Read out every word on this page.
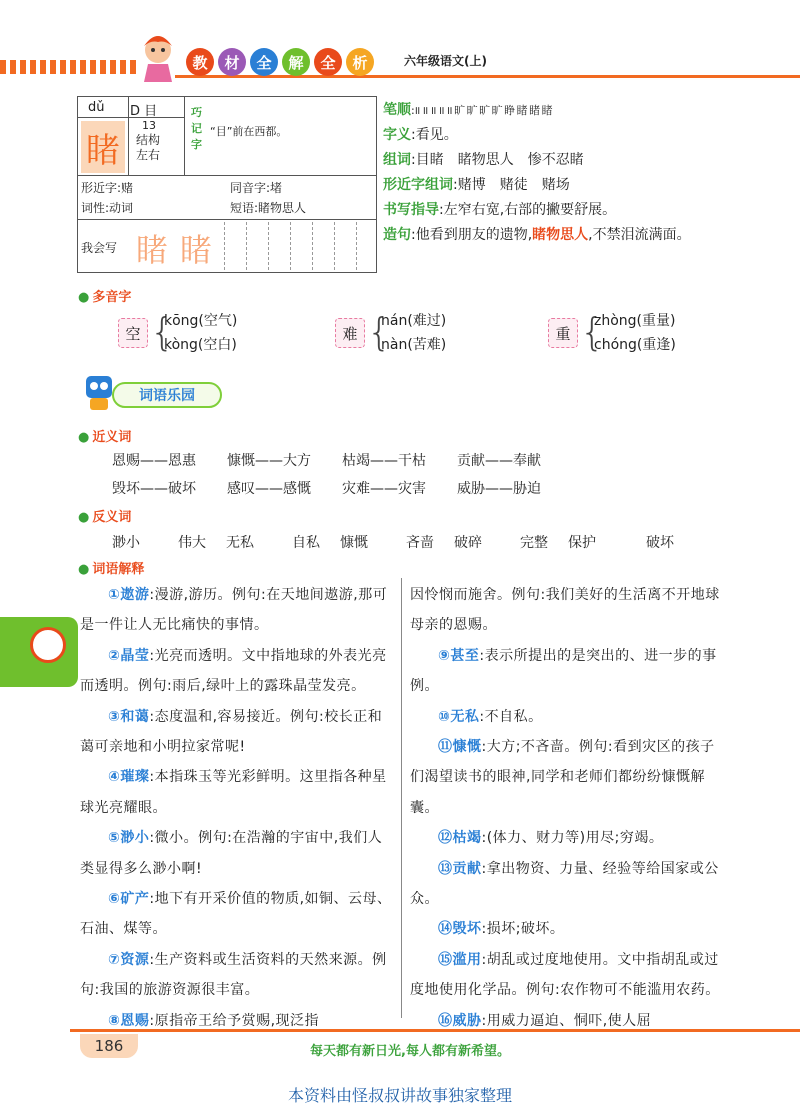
教	材	全	解	全	析	六年级语文(上)
dǔ D 目
睹
13
结构
左右
巧记字
“目”前在西都。
形近字:赌	同音字:堵
词性:动词	短语:睹物思人
我会写 睹 睹
笔顺:॥ ॥ ॥ ॥ ॥ 旷 旷 旷 旷 睁 睹 睹 睹
字义:看见。
组词:目睹　睹物思人　惨不忍睹
形近字组词:赌博　赌徒　赌场
书写指导:左窄右宽,右部的撇要舒展。
造句:他看到朋友的遗物,睹物思人,不禁泪流满面。
● 多音字
空 {
kōng(空气)
kòng(空白)
难 {
nán(难过)
nàn(苦难)
重 {
zhòng(重量)
chóng(重逢)
词语乐园
● 近义词
恩赐——恩惠 慷慨——大方 枯竭——干枯 贡献——奉献
毁坏——破坏 感叹——感慨 灾难——灾害 威胁——胁迫
● 反义词
渺小	伟大 无私	自私 慷慨	吝啬 破碎	完整 保护	破坏
● 词语解释

①遨游:漫游,游历。例句:在天地间遨游,那可是一件让人无比痛快的事情。

②晶莹:光亮而透明。文中指地球的外表光亮而透明。例句:雨后,绿叶上的露珠晶莹发亮。

③和蔼:态度温和,容易接近。例句:校长正和蔼可亲地和小明拉家常呢!

④璀璨:本指珠玉等光彩鲜明。这里指各种星球光亮耀眼。

⑤渺小:微小。例句:在浩瀚的宇宙中,我们人类显得多么渺小啊!

⑥矿产:地下有开采价值的物质,如铜、云母、石油、煤等。

⑦资源:生产资料或生活资料的天然来源。例句:我国的旅游资源很丰富。

⑧恩赐:原指帝王给予赏赐,现泛指

因怜悯而施舍。例句:我们美好的生活离不开地球母亲的恩赐。

⑨甚至:表示所提出的是突出的、进一步的事例。

⑩无私:不自私。

⑪慷慨:大方;不吝啬。例句:看到灾区的孩子们渴望读书的眼神,同学和老师们都纷纷慷慨解囊。

⑫枯竭:(体力、财力等)用尽;穷竭。

⑬贡献:拿出物资、力量、经验等给国家或公众。

⑭毁坏:损坏;破坏。

⑮滥用:胡乱或过度地使用。文中指胡乱或过度地使用化学品。例句:农作物可不能滥用农药。

⑯威胁:用威力逼迫、恫吓,使人屈

186	每天都有新日光,每人都有新希望。
本资料由怪叔叔讲故事独家整理
